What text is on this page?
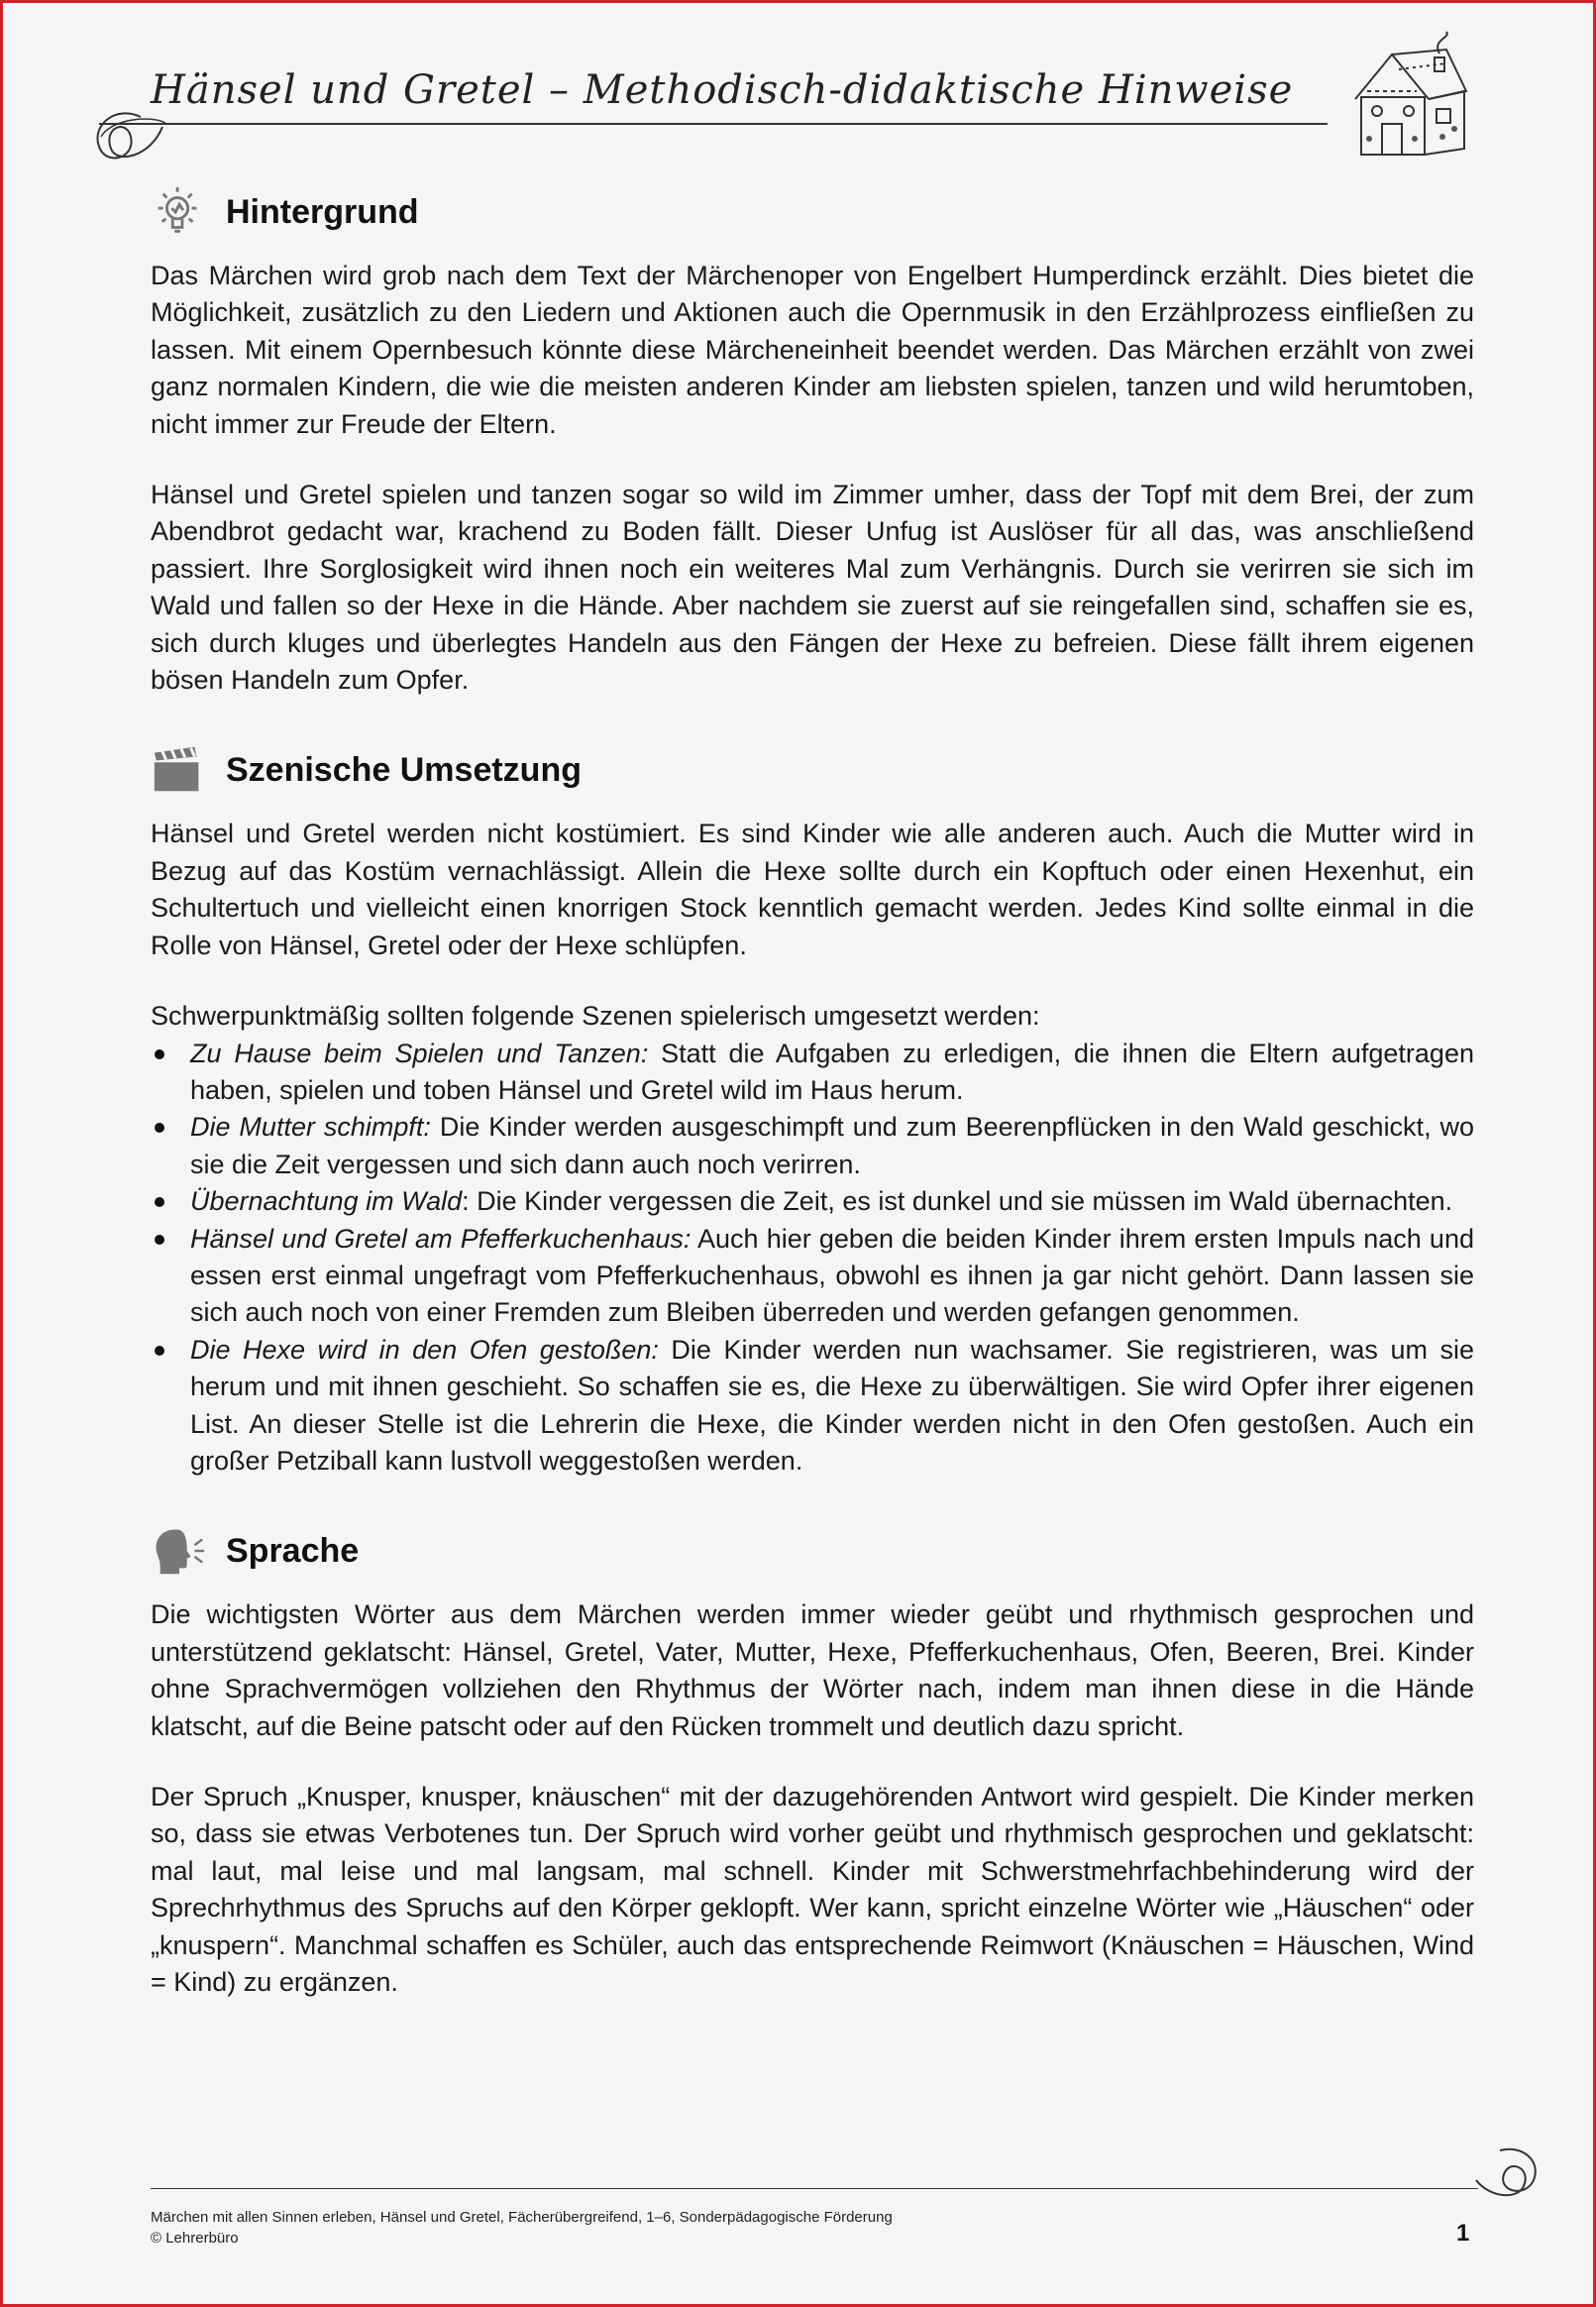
Hänsel und Gretel – Methodisch-didaktische Hinweise
Hintergrund

Das Märchen wird grob nach dem Text der Märchenoper von Engelbert Humperdinck erzählt. Dies bietet die Möglichkeit, zusätzlich zu den Liedern und Aktionen auch die Opernmusik in den Erzählprozess einfließen zu lassen. Mit einem Opernbesuch könnte diese Märcheneinheit beendet werden. Das Märchen erzählt von zwei ganz normalen Kindern, die wie die meisten anderen Kinder am liebsten spielen, tanzen und wild herumtoben, nicht immer zur Freude der Eltern.

Hänsel und Gretel spielen und tanzen sogar so wild im Zimmer umher, dass der Topf mit dem Brei, der zum Abendbrot gedacht war, krachend zu Boden fällt. Dieser Unfug ist Auslöser für all das, was anschließend passiert. Ihre Sorglosigkeit wird ihnen noch ein weiteres Mal zum Verhängnis. Durch sie verirren sie sich im Wald und fallen so der Hexe in die Hände. Aber nachdem sie zuerst auf sie reingefallen sind, schaffen sie es, sich durch kluges und überlegtes Handeln aus den Fängen der Hexe zu befreien. Diese fällt ihrem eigenen bösen Handeln zum Opfer.

Szenische Umsetzung

Hänsel und Gretel werden nicht kostümiert. Es sind Kinder wie alle anderen auch. Auch die Mutter wird in Bezug auf das Kostüm vernachlässigt. Allein die Hexe sollte durch ein Kopftuch oder einen Hexenhut, ein Schultertuch und vielleicht einen knorrigen Stock kenntlich gemacht werden. Jedes Kind sollte einmal in die Rolle von Hänsel, Gretel oder der Hexe schlüpfen.

Schwerpunktmäßig sollten folgende Szenen spielerisch umgesetzt werden:

Zu Hause beim Spielen und Tanzen: Statt die Aufgaben zu erledigen, die ihnen die Eltern aufgetragen haben, spielen und toben Hänsel und Gretel wild im Haus herum.
Die Mutter schimpft: Die Kinder werden ausgeschimpft und zum Beerenpflücken in den Wald geschickt, wo sie die Zeit vergessen und sich dann auch noch verirren.
Übernachtung im Wald: Die Kinder vergessen die Zeit, es ist dunkel und sie müssen im Wald übernachten.
Hänsel und Gretel am Pfefferkuchenhaus: Auch hier geben die beiden Kinder ihrem ersten Impuls nach und essen erst einmal ungefragt vom Pfefferkuchenhaus, obwohl es ihnen ja gar nicht gehört. Dann lassen sie sich auch noch von einer Fremden zum Bleiben überreden und werden gefangen genommen.
Die Hexe wird in den Ofen gestoßen: Die Kinder werden nun wachsamer. Sie registrieren, was um sie herum und mit ihnen geschieht. So schaffen sie es, die Hexe zu überwältigen. Sie wird Opfer ihrer eigenen List. An dieser Stelle ist die Lehrerin die Hexe, die Kinder werden nicht in den Ofen gestoßen. Auch ein großer Petziball kann lustvoll weggestoßen werden.
Sprache

Die wichtigsten Wörter aus dem Märchen werden immer wieder geübt und rhythmisch gesprochen und unterstützend geklatscht: Hänsel, Gretel, Vater, Mutter, Hexe, Pfefferkuchenhaus, Ofen, Beeren, Brei. Kinder ohne Sprachvermögen vollziehen den Rhythmus der Wörter nach, indem man ihnen diese in die Hände klatscht, auf die Beine patscht oder auf den Rücken trommelt und deutlich dazu spricht.

Der Spruch „Knusper, knusper, knäuschen“ mit der dazugehörenden Antwort wird gespielt. Die Kinder merken so, dass sie etwas Verbotenes tun. Der Spruch wird vorher geübt und rhythmisch gesprochen und geklatscht: mal laut, mal leise und mal langsam, mal schnell. Kinder mit Schwerstmehrfachbehinderung wird der Sprechrhythmus des Spruchs auf den Körper geklopft. Wer kann, spricht einzelne Wörter wie „Häuschen“ oder „knuspern“. Manchmal schaffen es Schüler, auch das entsprechende Reimwort (Knäuschen = Häuschen, Wind = Kind) zu ergänzen.

Märchen mit allen Sinnen erleben, Hänsel und Gretel, Fächerübergreifend, 1–6, Sonderpädagogische Förderung
© Lehrerbüro	1
